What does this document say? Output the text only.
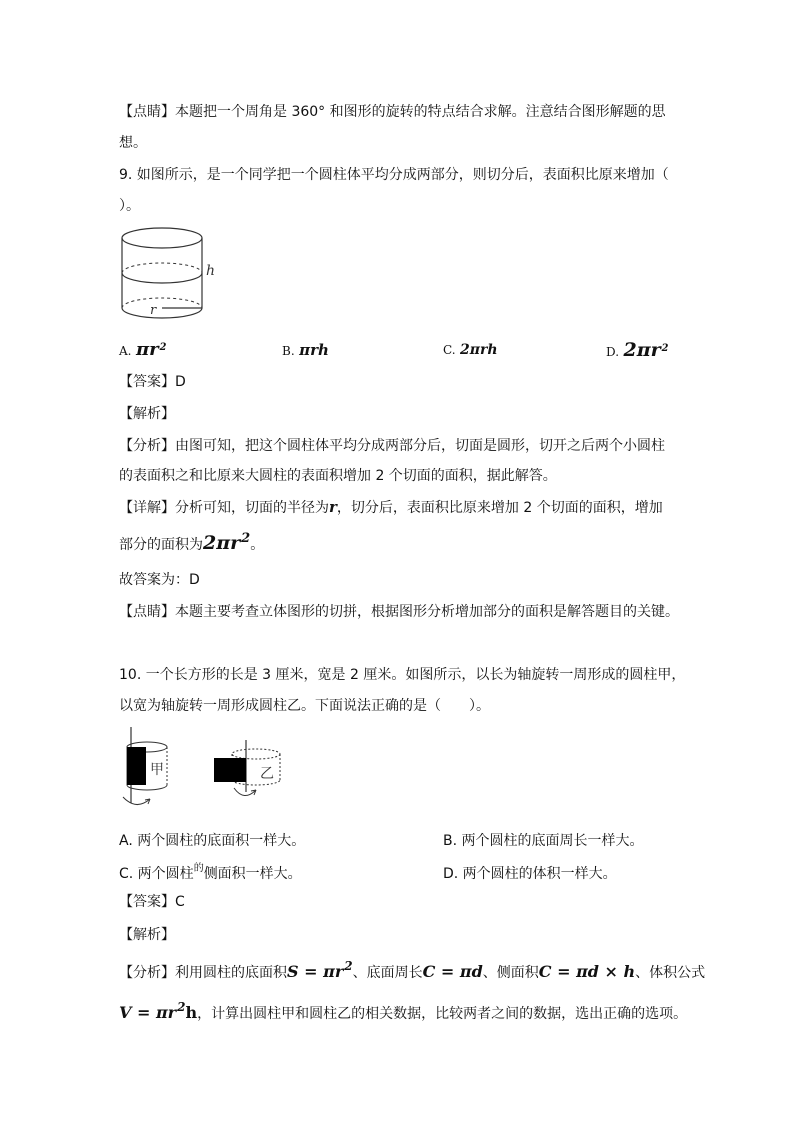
【点睛】本题把一个周角是 360° 和图形的旋转的特点结合求解。注意结合图形解题的思
想。
9. 如图所示，是一个同学把一个圆柱体平均分成两部分，则切分后，表面积比原来增加（
）。
h
r
A. $\pi r^2$	B. πrh	C. 2πrh	D. $2\pi r^2$
【答案】D
【解析】
【分析】由图可知，把这个圆柱体平均分成两部分后，切面是圆形，切开之后两个小圆柱
的表面积之和比原来大圆柱的表面积增加 2 个切面的面积，据此解答。
【详解】分析可知，切面的半径为r，切分后，表面积比原来增加 2 个切面的面积，增加
部分的面积为2πr2。
故答案为：D
【点睛】本题主要考查立体图形的切拼，根据图形分析增加部分的面积是解答题目的关键。
10. 一个长方形的长是 3 厘米，宽是 2 厘米。如图所示，以长为轴旋转一周形成的圆柱甲，
以宽为轴旋转一周形成圆柱乙。下面说法正确的是（　　）。
甲	乙
A. 两个圆柱的底面积一样大。	B. 两个圆柱的底面周长一样大。
C. 两个圆柱$^的$侧面积一样大。	D. 两个圆柱的体积一样大。
【答案】C
【解析】
【分析】利用圆柱的底面积S = πr2、底面周长C = πd、侧面积C = πd × h、体积公式
V = πr2h，计算出圆柱甲和圆柱乙的相关数据，比较两者之间的数据，选出正确的选项。
